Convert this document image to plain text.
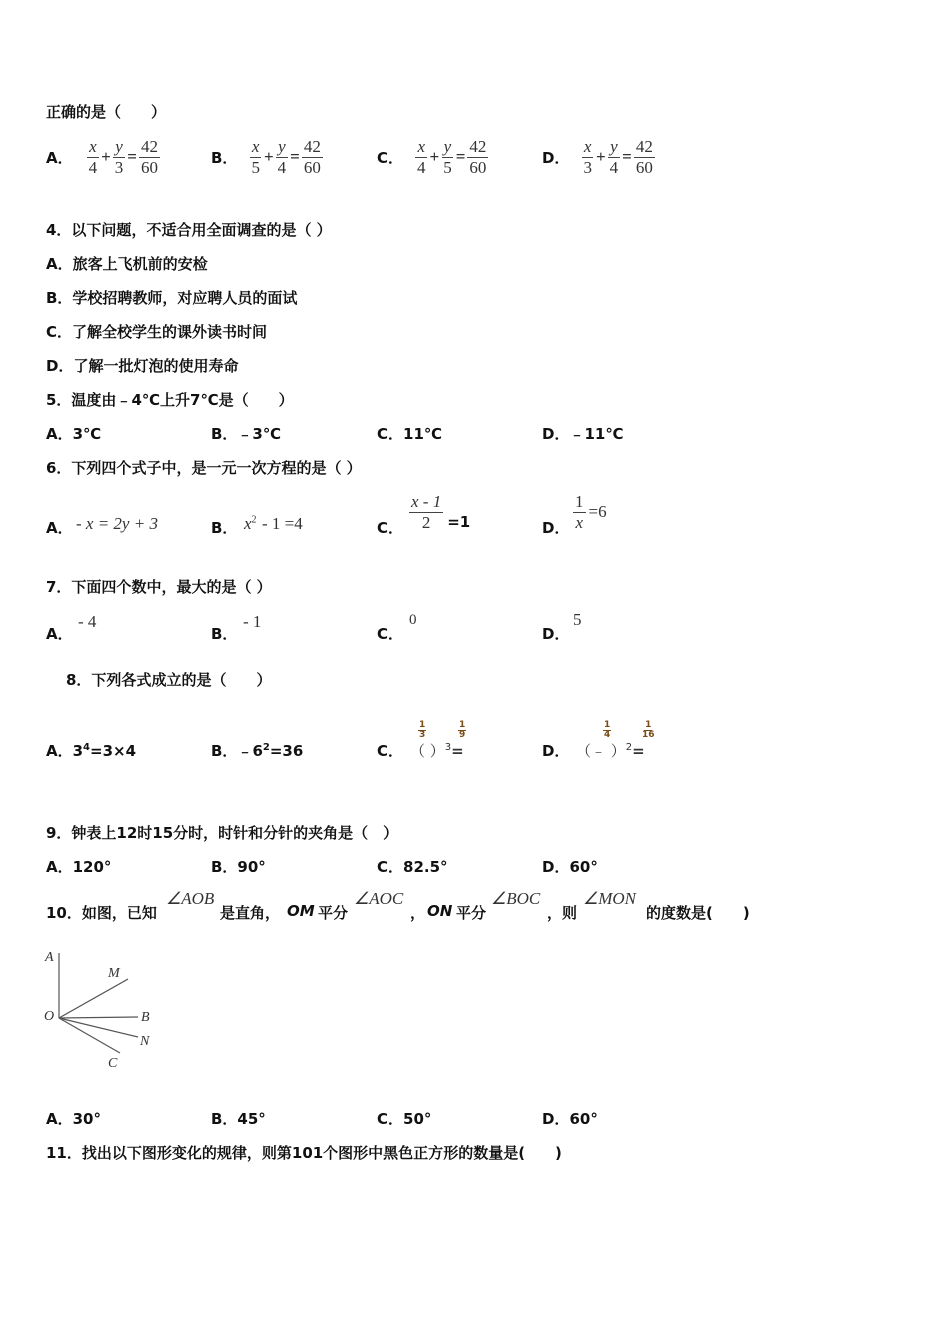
正确的是（　　）
A． $\frac{x}{4} + \frac{y}{3} = \frac{42}{60}$	B． $\frac{x}{5} + \frac{y}{4} = \frac{42}{60}$	C． $\frac{x}{4} + \frac{y}{5} = \frac{42}{60}$	D． $\frac{x}{3} + \frac{y}{4} = \frac{42}{60}$
4．以下问题，不适合用全面调查的是（ ）
A．旅客上飞机前的安检
B．学校招聘教师，对应聘人员的面试
C．了解全校学生的课外读书时间
D．了解一批灯泡的使用寿命
5．温度由﹣4℃上升7℃是（　　）
A．3℃	B．﹣3℃	C．11℃	D．﹣11℃
6．下列四个式子中，是一元一次方程的是（ ）
A． - x = 2y + 3	B． $x^2 - 1 =4$	C． $\frac{x - 1}{2} =1$	D． $\frac{1}{x} =6$
7．下面四个数中，最大的是（ ）
A．
- 4
B．
- 1
C．
0
D．
5
8．下列各式成立的是（　　）
A．$3^4=3\times 4$	B．$﹣6^2=36$	C．
$\frac{1}{3}$	$\frac{1}{9}$
（ ）$^3$=	D．
$\frac{1}{4}$	$\frac{1}{16}$
（﹣ ）$^2$=
9．钟表上12时15分时，时针和分针的夹角是（　）
A．120°	B．90°	C．82.5°	D．60°
10．如图，已知
∠AOB
是直角， OM 平分
∠AOC
， ON 平分
∠BOC
，则
∠MON
的度数是(　　)
A
M
O	B
N
C
A．30°	B．45°	C．50°	D．60°
11．找出以下图形变化的规律，则第101个图形中黑色正方形的数量是(　　)
